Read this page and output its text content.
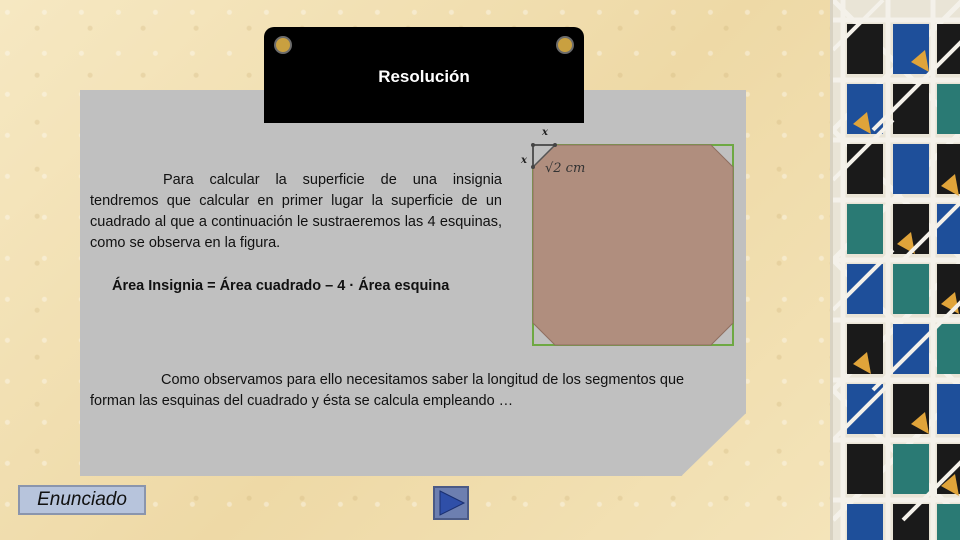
Resolución
Para calcular la superficie de una insignia tendremos que calcular en primer lugar la superficie de un cuadrado al que a continuación le sustraeremos las 4 esquinas, como se observa en la figura.
Área Insignia = Área cuadrado – 4 · Área esquina
Como observamos para ello necesitamos saber la longitud de los segmentos que forman las esquinas del cuadrado y ésta se calcula empleando …
x
x
√2 cm
Enunciado
